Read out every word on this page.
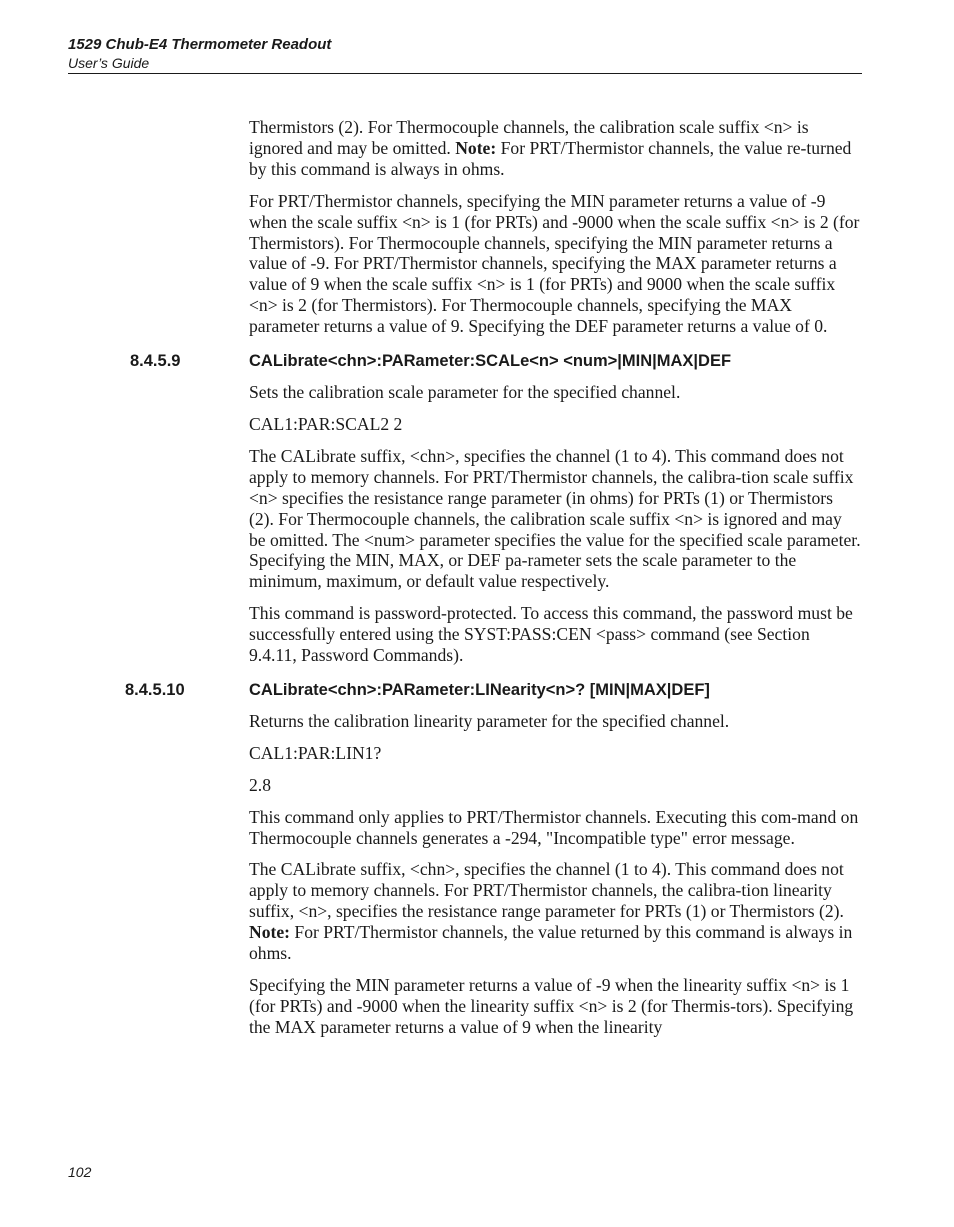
1529 Chub-E4 Thermometer Readout
User’s Guide

Thermistors (2). For Thermocouple channels, the calibration scale suffix <n> is ignored and may be omitted. Note: For PRT/Thermistor channels, the value re-turned by this command is always in ohms.

For PRT/Thermistor channels, specifying the MIN parameter returns a value of -9 when the scale suffix <n> is 1 (for PRTs) and -9000 when the scale suffix <n> is 2 (for Thermistors). For Thermocouple channels, specifying the MIN parameter returns a value of -9. For PRT/Thermistor channels, specifying the MAX parameter returns a value of 9 when the scale suffix <n> is 1 (for PRTs) and 9000 when the scale suffix <n> is 2 (for Thermistors). For Thermocouple channels, specifying the MAX parameter returns a value of 9. Specifying the DEF parameter returns a value of 0.

8.4.5.9	CALibrate<chn>:PARameter:SCALe<n> <num>|MIN|MAX|DEF

Sets the calibration scale parameter for the specified channel.

CAL1:PAR:SCAL2 2

The CALibrate suffix, <chn>, specifies the channel (1 to 4). This command does not apply to memory channels. For PRT/Thermistor channels, the calibra-tion scale suffix <n> specifies the resistance range parameter (in ohms) for PRTs (1) or Thermistors (2). For Thermocouple channels, the calibration scale suffix <n> is ignored and may be omitted. The <num> parameter specifies the value for the specified scale parameter. Specifying the MIN, MAX, or DEF pa-rameter sets the scale parameter to the minimum, maximum, or default value respectively.

This command is password-protected. To access this command, the password must be successfully entered using the SYST:PASS:CEN <pass> command (see Section 9.4.11, Password Commands).

8.4.5.10	CALibrate<chn>:PARameter:LINearity<n>? [MIN|MAX|DEF]

Returns the calibration linearity parameter for the specified channel.

CAL1:PAR:LIN1?

2.8

This command only applies to PRT/Thermistor channels. Executing this com-mand on Thermocouple channels generates a -294, "Incompatible type" error message.

The CALibrate suffix, <chn>, specifies the channel (1 to 4). This command does not apply to memory channels. For PRT/Thermistor channels, the calibra-tion linearity suffix, <n>, specifies the resistance range parameter for PRTs (1) or Thermistors (2). Note: For PRT/Thermistor channels, the value returned by this command is always in ohms.

Specifying the MIN parameter returns a value of -9 when the linearity suffix <n> is 1 (for PRTs) and -9000 when the linearity suffix <n> is 2 (for Thermis-tors). Specifying the MAX parameter returns a value of 9 when the linearity

102
